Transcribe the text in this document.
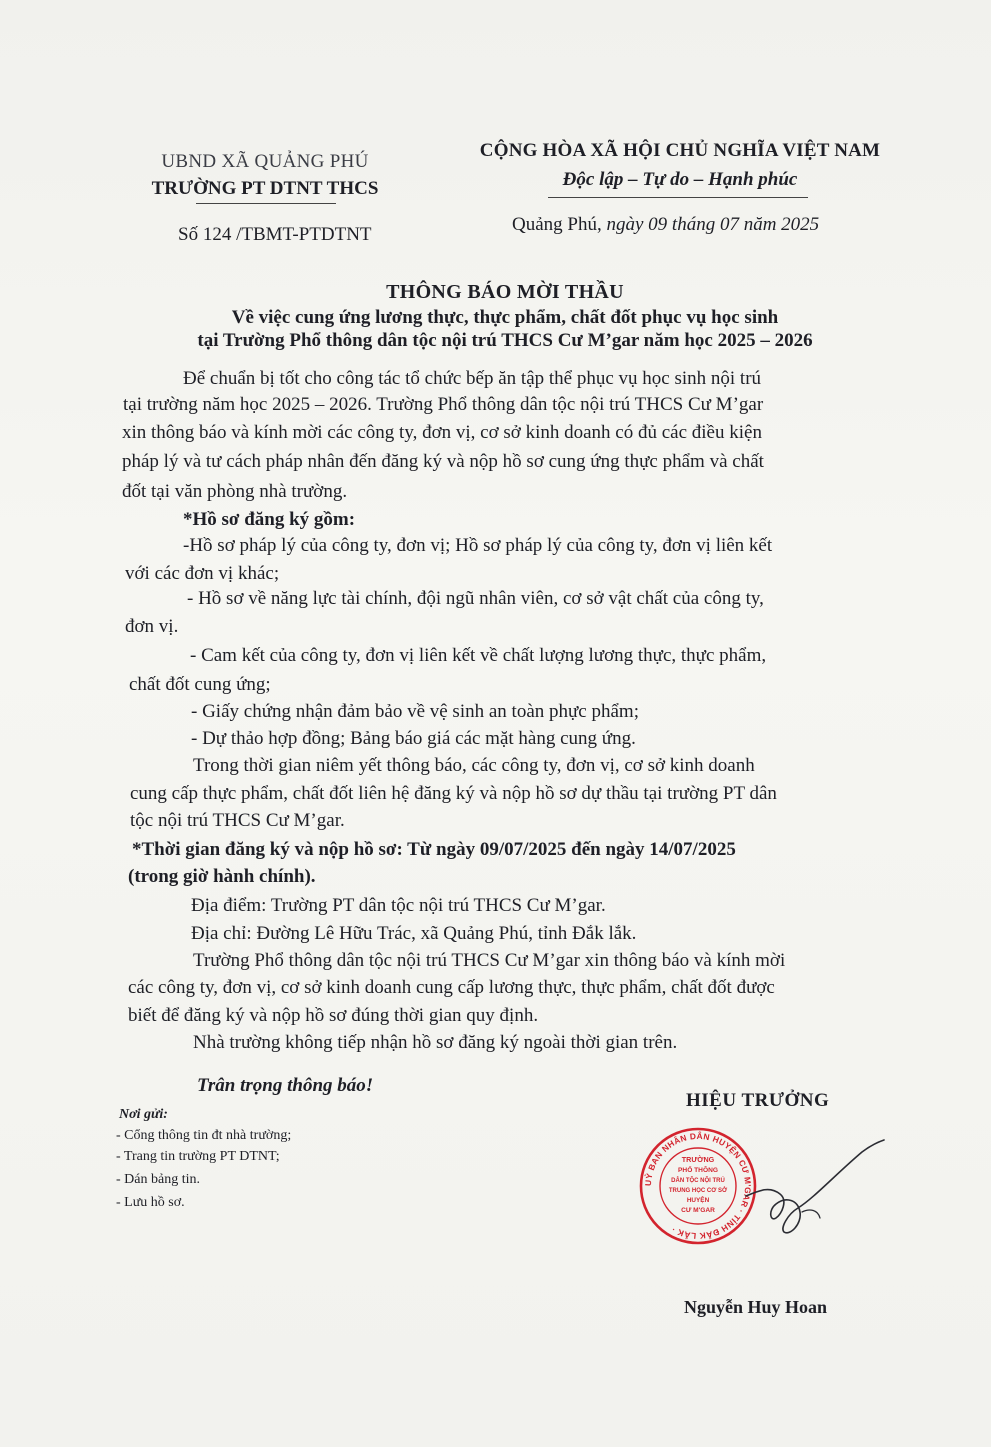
UBND XÃ QUẢNG PHÚ
TRƯỜNG PT DTNT THCS
CỘNG HÒA XÃ HỘI CHỦ NGHĨA VIỆT NAM
Độc lập – Tự do – Hạnh phúc
Số 124 /TBMT-PTDTNT	Quảng Phú, ngày 09 tháng 07 năm 2025
THÔNG BÁO MỜI THẦU
Về việc cung ứng lương thực, thực phẩm, chất đốt phục vụ học sinh
tại Trường Phổ thông dân tộc nội trú THCS Cư M’gar năm học 2025 – 2026
Để chuẩn bị tốt cho công tác tổ chức bếp ăn tập thể phục vụ học sinh nội trú
tại trường năm học 2025 – 2026. Trường Phổ thông dân tộc nội trú THCS Cư M’gar
xin thông báo và kính mời các công ty, đơn vị, cơ sở kinh doanh có đủ các điều kiện
pháp lý và tư cách pháp nhân đến đăng ký và nộp hồ sơ cung ứng thực phẩm và chất
đốt tại văn phòng nhà trường.
*Hồ sơ đăng ký gồm:
-Hồ sơ pháp lý của công ty, đơn vị; Hồ sơ pháp lý của công ty, đơn vị liên kết
với các đơn vị khác;
- Hồ sơ về năng lực tài chính, đội ngũ nhân viên, cơ sở vật chất của công ty,
đơn vị.
- Cam kết của công ty, đơn vị liên kết về chất lượng lương thực, thực phẩm,
chất đốt cung ứng;
- Giấy chứng nhận đảm bảo về vệ sinh an toàn phực phẩm;
- Dự thảo hợp đồng; Bảng báo giá các mặt hàng cung ứng.
Trong thời gian niêm yết thông báo, các công ty, đơn vị, cơ sở kinh doanh
cung cấp thực phẩm, chất đốt liên hệ đăng ký và nộp hồ sơ dự thầu tại trường PT dân
tộc nội trú THCS Cư M’gar.
*Thời gian đăng ký và nộp hồ sơ: Từ ngày 09/07/2025 đến ngày 14/07/2025
(trong giờ hành chính).
Địa điểm: Trường PT dân tộc nội trú THCS Cư M’gar.
Địa chỉ: Đường Lê Hữu Trác, xã Quảng Phú, tỉnh Đắk lắk.
Trường Phổ thông dân tộc nội trú THCS Cư M’gar xin thông báo và kính mời
các công ty, đơn vị, cơ sở kinh doanh cung cấp lương thực, thực phẩm, chất đốt được
biết để đăng ký và nộp hồ sơ đúng thời gian quy định.
Nhà trường không tiếp nhận hồ sơ đăng ký ngoài thời gian trên.
Trân trọng thông báo!
Nơi gửi:
- Cổng thông tin đt nhà trường;
- Trang tin trường PT DTNT;
- Dán bảng tin.
- Lưu hồ sơ.
HIỆU TRƯỞNG
UỶ BAN NHÂN DÂN HUYỆN CƯ M'GAR · TỈNH ĐẮK LẮK ·
TRƯỜNG
PHỔ THÔNG
DÂN TỘC NỘI TRÚ
TRUNG HỌC CƠ SỞ
HUYỆN
CƯ M'GAR
Nguyễn Huy Hoan
